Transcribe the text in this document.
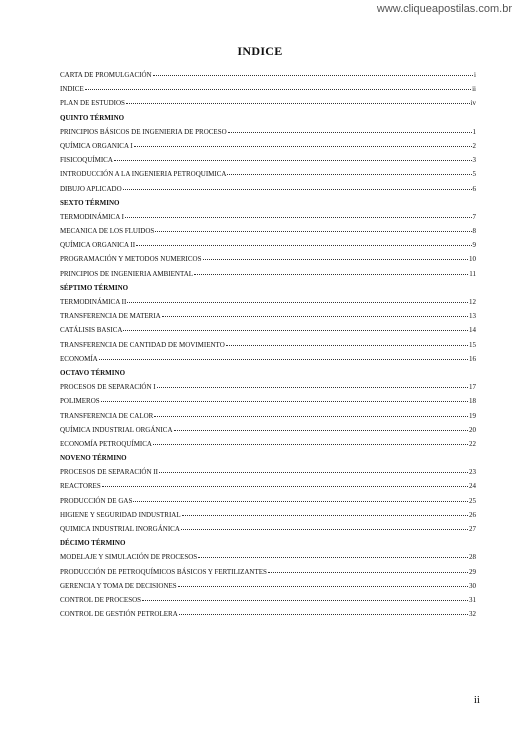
www.cliqueapostilas.com.br
INDICE
CARTA DE PROMULGACIÓN	i
INDICE	ii
PLAN DE ESTUDIOS	iv
QUINTO TÉRMINO
PRINCIPIOS BÁSICOS DE INGENIERIA DE PROCESO	1
QUÍMICA ORGANICA I	2
FISICOQUÍMICA	3
INTRODUCCIÓN A LA INGENIERIA PETROQUIMICA	5
DIBUJO APLICADO	6
SEXTO TÉRMINO
TERMODINÁMICA I	7
MECANICA DE LOS FLUIDOS	8
QUÍMICA ORGANICA II	9
PROGRAMACIÓN Y METODOS NUMERICOS	10
PRINCIPIOS DE INGENIERIA AMBIENTAL	11
SÉPTIMO TÉRMINO
TERMODINÁMICA II	12
TRANSFERENCIA DE MATERIA	13
CATÁLISIS BASICA	14
TRANSFERENCIA DE CANTIDAD DE MOVIMIENTO	15
ECONOMÍA	16
OCTAVO TÉRMINO
PROCESOS DE SEPARACIÓN I	17
POLIMEROS	18
TRANSFERENCIA DE CALOR	19
QUÍMICA INDUSTRIAL ORGÁNICA	20
ECONOMÍA PETROQUÍMICA	22
NOVENO TÉRMINO
PROCESOS DE SEPARACIÓN II	23
REACTORES	24
PRODUCCIÓN DE GAS	25
HIGIENE Y SEGURIDAD INDUSTRIAL	26
QUIMICA INDUSTRIAL INORGÁNICA	27
DÉCIMO TÉRMINO
MODELAJE Y SIMULACIÓN DE PROCESOS	28
PRODUCCIÓN DE PETROQUÍMICOS BÁSICOS Y FERTILIZANTES	29
GERENCIA Y TOMA DE DECISIONES	30
CONTROL DE PROCESOS	31
CONTROL DE GESTIÓN PETROLERA	32
ii
